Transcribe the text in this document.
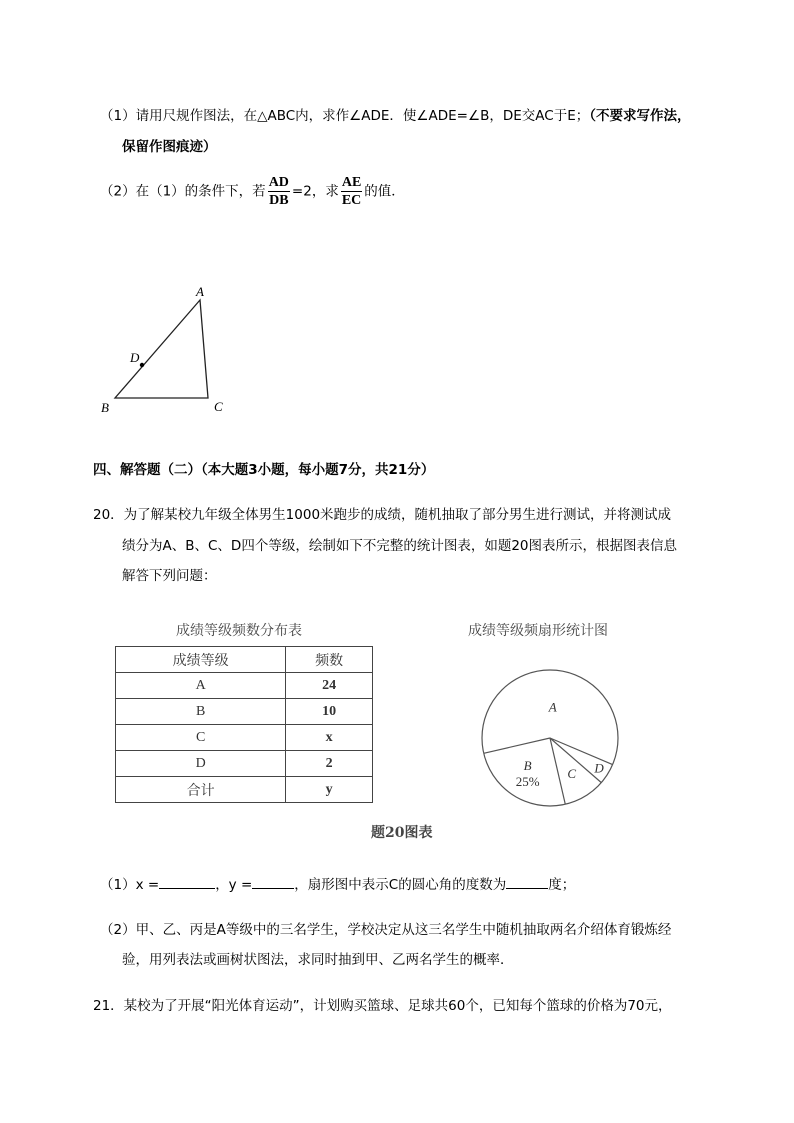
（1）请用尺规作图法，在△ABC内，求作∠ADE．使∠ADE=∠B，DE交AC于E；（不要求写作法，
保留作图痕迹）
（2）在（1）的条件下，若 $\frac{AD}{DB} =2$，求 $\frac{AE}{EC}$ 的值．
A
B	C
D
四、解答题（二）（本大题3小题，每小题7分，共21分）
20．为了解某校九年级全体男生1000米跑步的成绩，随机抽取了部分男生进行测试，并将测试成
绩分为A、B、C、D四个等级，绘制如下不完整的统计图表，如题20图表所示，根据图表信息
解答下列问题：
成绩等级频数分布表
成绩等级	频数
A	24
B	10
C	x
D	2
合计	y
成绩等级频扇形统计图
D
C
B
25%
A
题20图表
（1）x =	，y =	，扇形图中表示C的圆心角的度数为	度；
（2）甲、乙、丙是A等级中的三名学生，学校决定从这三名学生中随机抽取两名介绍体育锻炼经
验，用列表法或画树状图法，求同时抽到甲、乙两名学生的概率．
21．某校为了开展“阳光体育运动”，计划购买篮球、足球共60个，已知每个篮球的价格为70元，
